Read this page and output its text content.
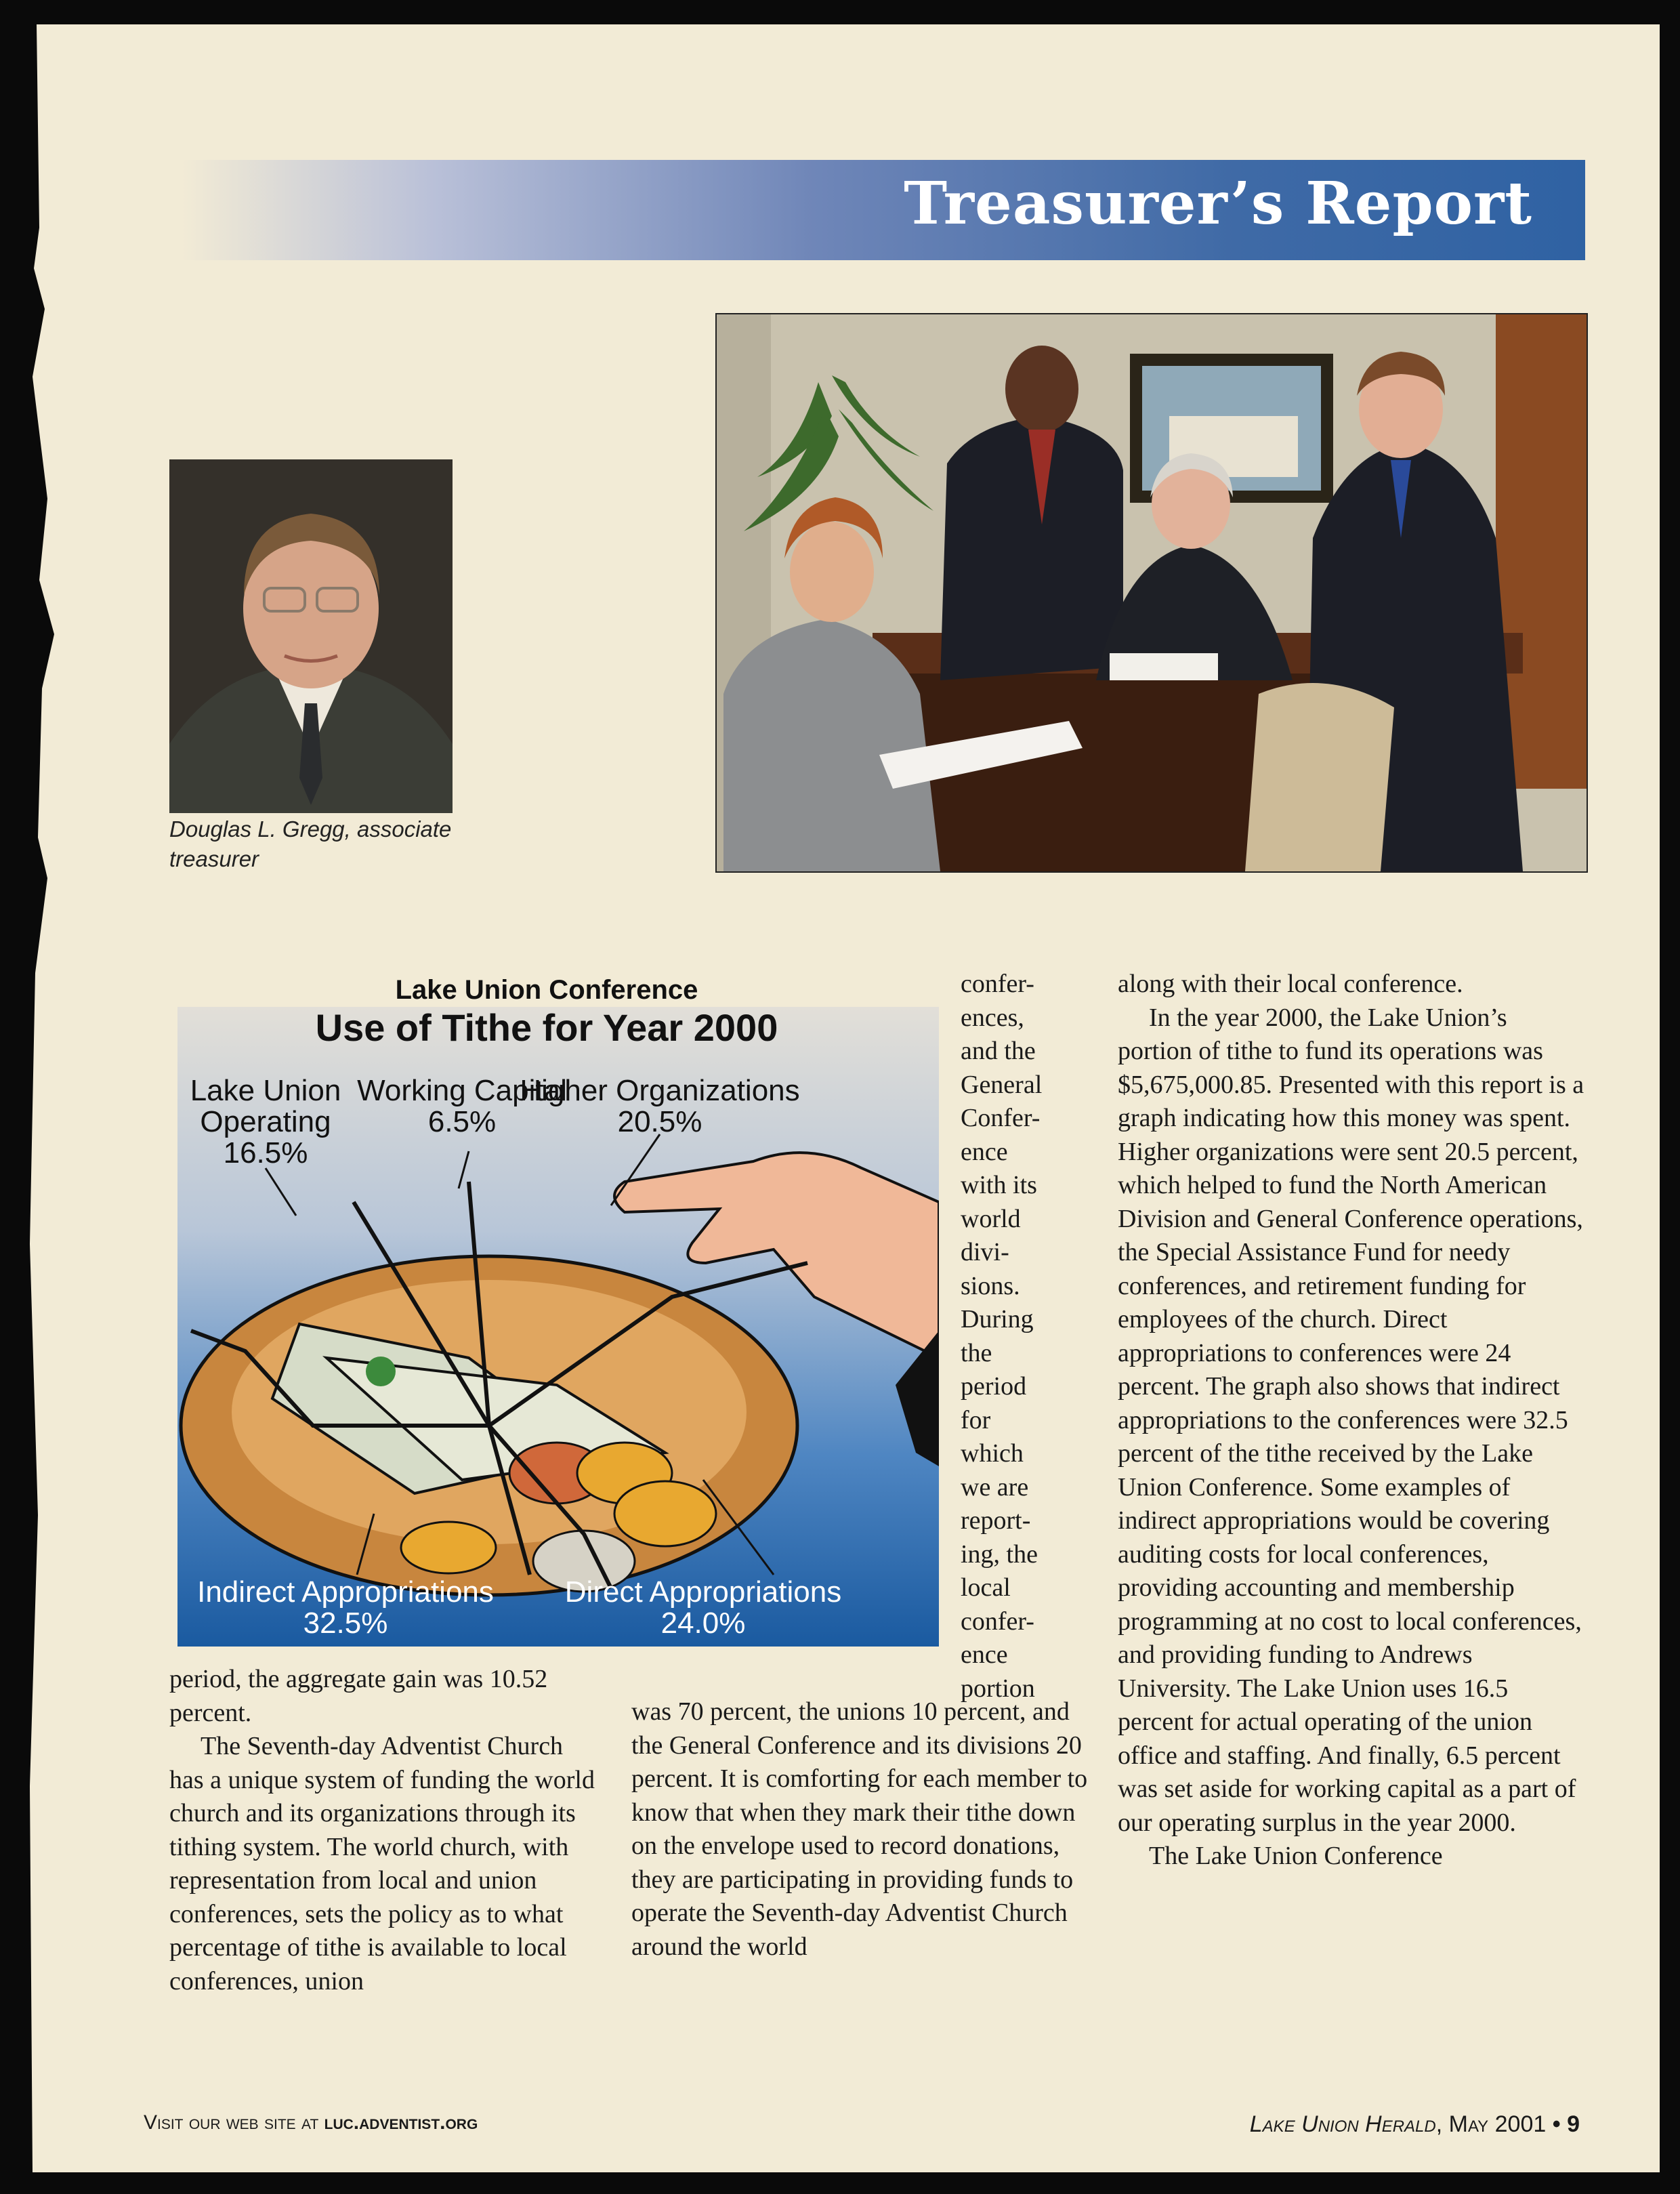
Treasurer’s Report
Douglas L. Gregg, associate treasurer
Lake Union Conference
Use of Tithe for Year 2000
Lake Union
Operating
16.5%
Working Capital
6.5%
Higher Organizations
20.5%
Direct Appropriations
24.0%
Indirect Appropriations
32.5%

period, the aggregate gain was 10.52 percent.

The Seventh-day Adventist Church has a unique system of funding the world church and its organizations through its tithing system. The world church, with representation from local and union conferences, sets the policy as to what percentage of tithe is available to local conferences, union

confer-
ences,
and the
General
Confer-
ence
with its
world
divi-
sions.
During
the
period
for
which
we are
report-
ing, the
local
confer-
ence
portion

was 70 percent, the unions 10 percent, and the General Conference and its divisions 20 percent. It is comforting for each member to know that when they mark their tithe down on the envelope used to record donations, they are participating in providing funds to operate the Seventh-day Adventist Church around the world

along with their local conference.

In the year 2000, the Lake Union’s portion of tithe to fund its operations was $5,675,000.85. Presented with this report is a graph indicating how this money was spent. Higher organizations were sent 20.5 percent, which helped to fund the North American Division and General Conference operations, the Special Assistance Fund for needy conferences, and retirement funding for employees of the church. Direct appropriations to conferences were 24 percent. The graph also shows that indirect appropriations to the conferences were 32.5 percent of the tithe received by the Lake Union Conference. Some examples of indirect appropriations would be covering auditing costs for local conferences, providing accounting and membership programming at no cost to local conferences, and providing funding to Andrews University. The Lake Union uses 16.5 percent for actual operating of the union office and staffing. And finally, 6.5 percent was set aside for working capital as a part of our operating surplus in the year 2000.

The Lake Union Conference

Visit our web site at luc.adventist.org	Lake Union Herald, May 2001 • 9
